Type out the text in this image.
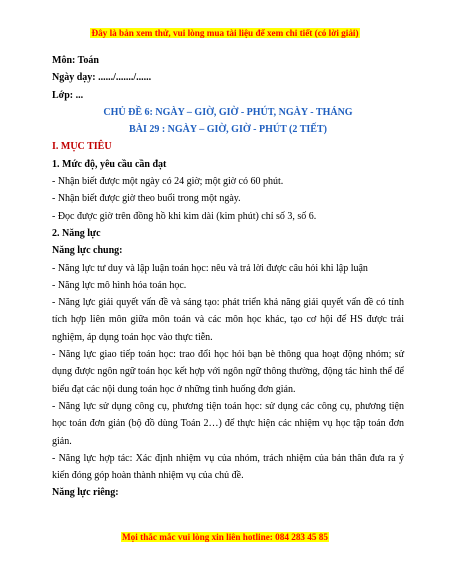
Đây là bản xem thử, vui lòng mua tài liệu để xem chi tiết (có lời giải)
Môn: Toán
Ngày dạy: ....../......./......
Lớp: ...
CHỦ ĐỀ 6: NGÀY – GIỜ, GIỜ - PHÚT, NGÀY - THÁNG
BÀI 29 : NGÀY – GIỜ, GIỜ - PHÚT (2 TIẾT)
I. MỤC TIÊU
1. Mức độ, yêu cầu cần đạt
- Nhận biết được một ngày có 24 giờ; một giờ có 60 phút.
- Nhận biết được giờ theo buổi trong một ngày.
- Đọc được giờ trên đồng hồ khi kim dài (kim phút) chỉ số 3, số 6.
2. Năng lực
Năng lực chung:
- Năng lực tư duy và lập luận toán học: nêu và trả lời được câu hỏi khi lập luận
- Năng lực mô hình hóa toán học.
- Năng lực giải quyết vấn đề và sáng tạo: phát triển khả năng giải quyết vấn đề có tính tích hợp liên môn giữa môn toán và các môn học khác, tạo cơ hội để HS được trải nghiệm, áp dụng toán học vào thực tiễn.
- Năng lực giao tiếp toán học: trao đổi học hỏi bạn bè thông qua hoạt động nhóm; sử dụng được ngôn ngữ toán học kết hợp với ngôn ngữ thông thường, động tác hình thể để biểu đạt các nội dung toán học ở những tình huống đơn giản.
- Năng lực sử dụng công cụ, phương tiện toán học: sử dụng các công cụ, phương tiện học toán đơn giản (bộ đồ dùng Toán 2…) để thực hiện các nhiệm vụ học tập toán đơn giản.
- Năng lực hợp tác: Xác định nhiệm vụ của nhóm, trách nhiệm của bản thân đưa ra ý kiến đóng góp hoàn thành nhiệm vụ của chủ đề.
Năng lực riêng:
Mọi thắc mắc vui lòng xin liên hotline: 084 283 45 85
